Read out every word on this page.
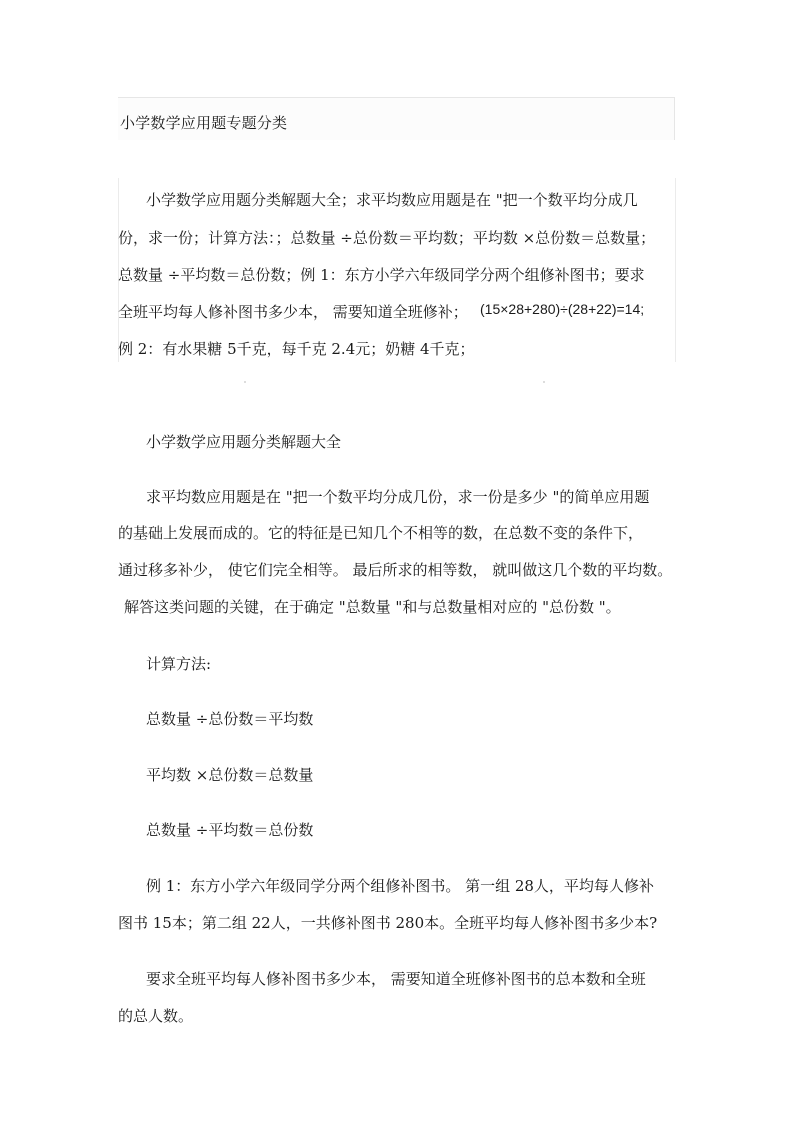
小学数学应用题专题分类
小学数学应用题分类解题大全；求平均数应用题是在 "把一个数平均分成几
份，求一份；计算方法：；总数量 ÷总份数＝平均数；平均数 ×总份数＝总数量；
总数量 ÷平均数＝总份数；例 1：东方小学六年级同学分两个组修补图书；要求
全班平均每人修补图书多少本， 需要知道全班修补； (15×28+280)÷(28+22)=14;
例 2：有水果糖 5千克，每千克 2.4元；奶糖 4千克；
小学数学应用题分类解题大全
求平均数应用题是在 "把一个数平均分成几份，求一份是多少 "的简单应用题
的基础上发展而成的。它的特征是已知几个不相等的数，在总数不变的条件下，
通过移多补少， 使它们完全相等。 最后所求的相等数， 就叫做这几个数的平均数。
解答这类问题的关键，在于确定 "总数量 "和与总数量相对应的 "总份数 "。
计算方法:
总数量 ÷总份数＝平均数
平均数 ×总份数＝总数量
总数量 ÷平均数＝总份数
例 1：东方小学六年级同学分两个组修补图书。 第一组 28人，平均每人修补
图书 15本；第二组 22人，一共修补图书 280本。全班平均每人修补图书多少本?
要求全班平均每人修补图书多少本， 需要知道全班修补图书的总本数和全班
的总人数。
